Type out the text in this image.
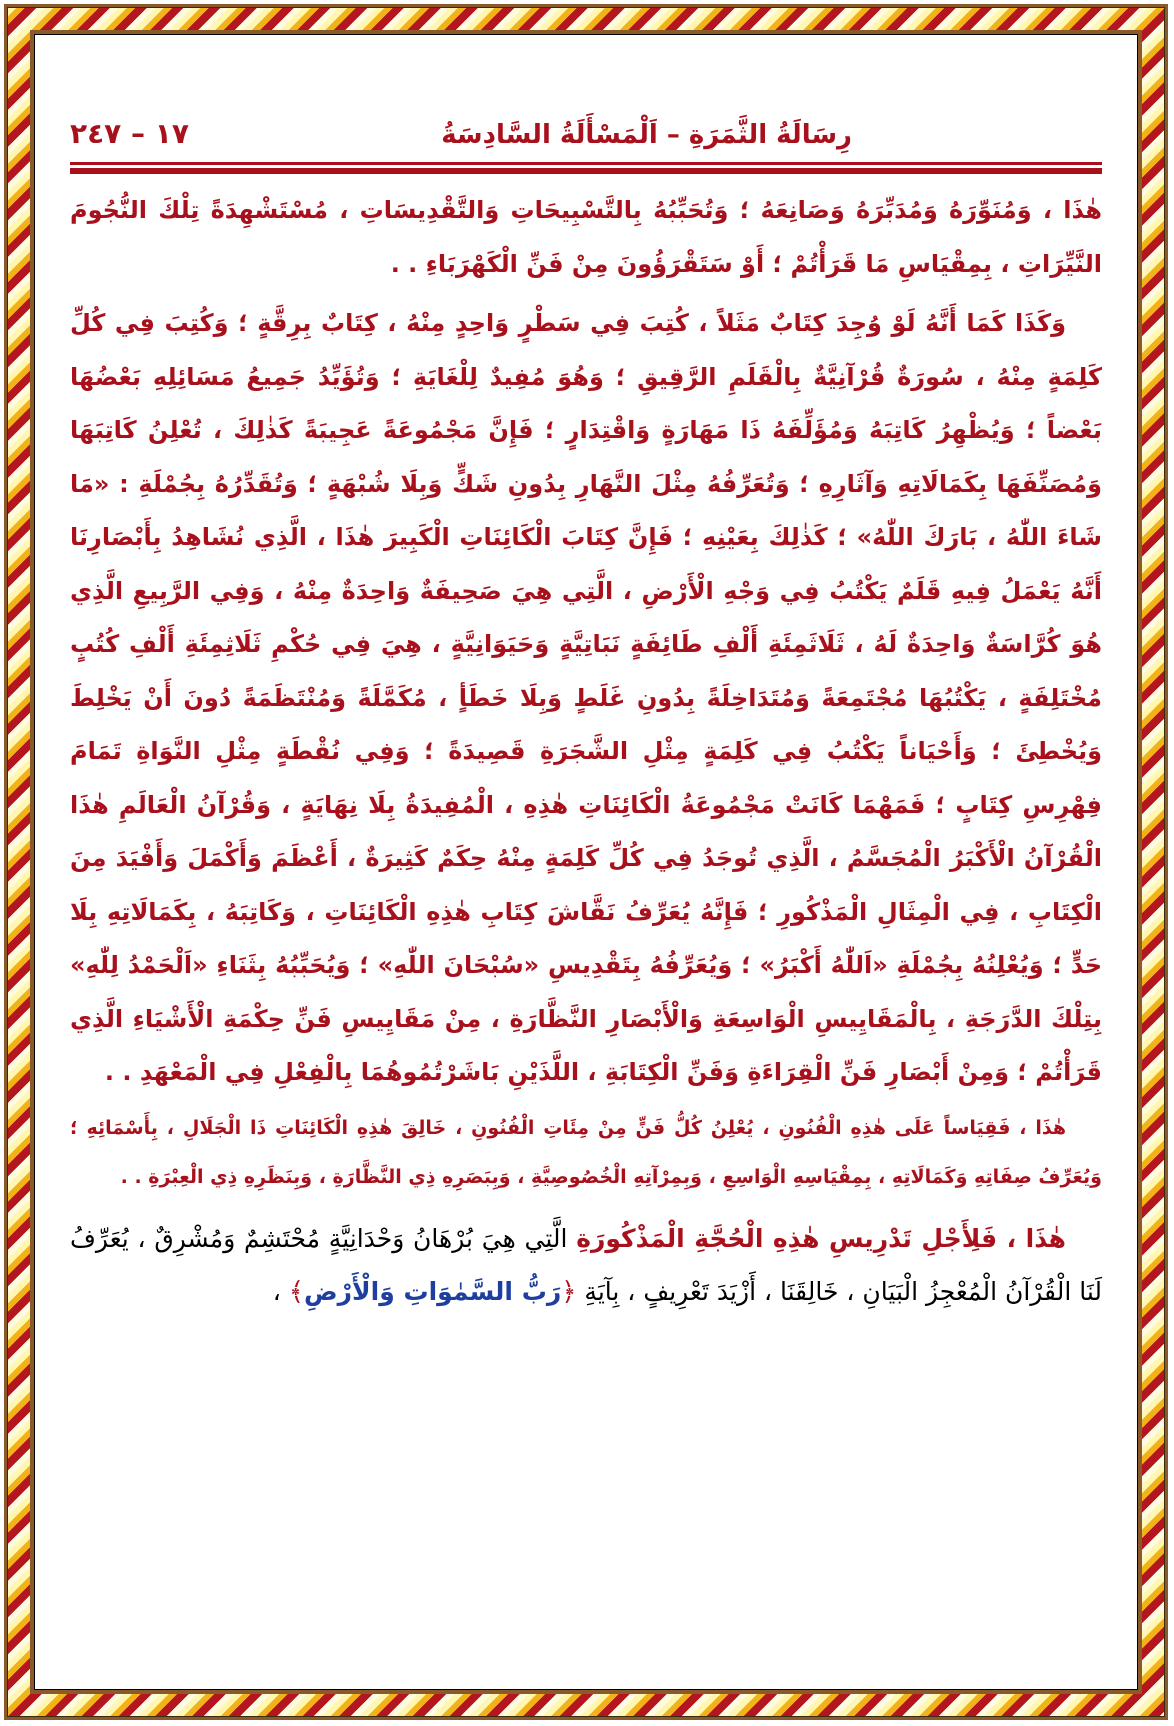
رِسَالَةُ الثَّمَرَةِ – اَلْمَسْأَلَةُ السَّادِسَةُ
١٧ – ٢٤٧

هٰذَا ، وَمُنَوِّرَهُ وَمُدَبِّرَهُ وَصَانِعَهُ ؛ وَتُحَبِّبُهُ بِالتَّسْبِيحَاتِ وَالتَّقْدِيسَاتِ ، مُسْتَشْهِدَةً تِلْكَ النُّجُومَ النَّيِّرَاتِ ، بِمِقْيَاسِ مَا قَرَأْتُمْ ؛ أَوْ سَتَقْرَؤُونَ مِنْ فَنِّ الْكَهْرَبَاءِ . .

وَكَذَا كَمَا أَنَّهُ لَوْ وُجِدَ كِتَابٌ مَثَلاً ، كُتِبَ فِي سَطْرٍ وَاحِدٍ مِنْهُ ، كِتَابٌ بِرِقَّةٍ ؛ وَكُتِبَ فِي كُلِّ كَلِمَةٍ مِنْهُ ، سُورَةٌ قُرْآنِيَّةٌ بِالْقَلَمِ الرَّقِيقِ ؛ وَهُوَ مُفِيدٌ لِلْغَايَةِ ؛ وَتُؤَيِّدُ جَمِيعُ مَسَائِلِهِ بَعْضُهَا بَعْضاً ؛ وَيُظْهِرُ كَاتِبَهُ وَمُؤَلِّفَهُ ذَا مَهَارَةٍ وَاقْتِدَارٍ ؛ فَإِنَّ مَجْمُوعَةً عَجِيبَةً كَذٰلِكَ ، تُعْلِنُ كَاتِبَهَا وَمُصَنِّفَهَا بِكَمَالَاتِهِ وَآثَارِهِ ؛ وَتُعَرِّفُهُ مِثْلَ النَّهَارِ بِدُونِ شَكٍّ وَبِلَا شُبْهَةٍ ؛ وَتُقَدِّرُهُ بِجُمْلَةِ : «مَا شَاءَ اللّٰهُ ، بَارَكَ اللّٰهُ» ؛ كَذٰلِكَ بِعَيْنِهِ ؛ فَإِنَّ كِتَابَ الْكَائِنَاتِ الْكَبِيرَ هٰذَا ، الَّذِي نُشَاهِدُ بِأَبْصَارِنَا أَنَّهُ يَعْمَلُ فِيهِ قَلَمٌ يَكْتُبُ فِي وَجْهِ الْأَرْضِ ، الَّتِي هِيَ صَحِيفَةٌ وَاحِدَةٌ مِنْهُ ، وَفِي الرَّبِيعِ الَّذِي هُوَ كُرَّاسَةٌ وَاحِدَةٌ لَهُ ، ثَلَاثَمِئَةِ أَلْفِ طَائِفَةٍ نَبَاتِيَّةٍ وَحَيَوَانِيَّةٍ ، هِيَ فِي حُكْمِ ثَلَاثِمِئَةِ أَلْفِ كُتُبٍ مُخْتَلِفَةٍ ، يَكْتُبُهَا مُجْتَمِعَةً وَمُتَدَاخِلَةً بِدُونِ غَلَطٍ وَبِلَا خَطَأٍ ، مُكَمَّلَةً وَمُنْتَظَمَةً دُونَ أَنْ يَخْلِطَ وَيُخْطِئَ ؛ وَأَحْيَاناً يَكْتُبُ فِي كَلِمَةٍ مِثْلِ الشَّجَرَةِ قَصِيدَةً ؛ وَفِي نُقْطَةٍ مِثْلِ النَّوَاةِ تَمَامَ فِهْرِسِ كِتَابٍ ؛ فَمَهْمَا كَانَتْ مَجْمُوعَةُ الْكَائِنَاتِ هٰذِهِ ، الْمُفِيدَةُ بِلَا نِهَايَةٍ ، وَقُرْآنُ الْعَالَمِ هٰذَا الْقُرْآنُ الْأَكْبَرُ الْمُجَسَّمُ ، الَّذِي تُوجَدُ فِي كُلِّ كَلِمَةٍ مِنْهُ حِكَمٌ كَثِيرَةٌ ، أَعْظَمَ وَأَكْمَلَ وَأَفْيَدَ مِنَ الْكِتَابِ ، فِي الْمِثَالِ الْمَذْكُورِ ؛ فَإِنَّهُ يُعَرِّفُ نَقَّاشَ كِتَابِ هٰذِهِ الْكَائِنَاتِ ، وَكَاتِبَهُ ، بِكَمَالَاتِهِ بِلَا حَدٍّ ؛ وَيُعْلِنُهُ بِجُمْلَةِ «اَللّٰهُ أَكْبَرُ» ؛ وَيُعَرِّفُهُ بِتَقْدِيسِ «سُبْحَانَ اللّٰهِ» ؛ وَيُحَبِّبُهُ بِثَنَاءِ «اَلْحَمْدُ لِلّٰهِ» بِتِلْكَ الدَّرَجَةِ ، بِالْمَقَايِيسِ الْوَاسِعَةِ وَالْأَبْصَارِ النَّظَّارَةِ ، مِنْ مَقَايِيسِ فَنِّ حِكْمَةِ الْأَشْيَاءِ الَّذِي قَرَأْتُمْ ؛ وَمِنْ أَبْصَارِ فَنِّ الْقِرَاءَةِ وَفَنِّ الْكِتَابَةِ ، اللَّذَيْنِ بَاشَرْتُمُوهُمَا بِالْفِعْلِ فِي الْمَعْهَدِ . .

هٰذَا ، فَقِيَاساً عَلَى هٰذِهِ الْفُنُونِ ، يُعْلِنُ كُلُّ فَنٍّ مِنْ مِئَاتِ الْفُنُونِ ، خَالِقَ هٰذِهِ الْكَائِنَاتِ ذَا الْجَلَالِ ، بِأَسْمَائِهِ ؛ وَيُعَرِّفُ صِفَاتِهِ وَكَمَالَاتِهِ ، بِمِقْيَاسِهِ الْوَاسِعِ ، وَبِمِرْآتِهِ الْخُصُوصِيَّةِ ، وَبِبَصَرِهِ ذِي النَّظَّارَةِ ، وَبِنَظَرِهِ ذِي الْعِبْرَةِ . .

هٰذَا ، فَلِأَجْلِ تَدْرِيسِ هٰذِهِ الْحُجَّةِ الْمَذْكُورَةِ الَّتِي هِيَ بُرْهَانُ وَحْدَانِيَّةٍ مُحْتَشِمٌ وَمُشْرِقٌ ، يُعَرِّفُ لَنَا الْقُرْآنُ الْمُعْجِزُ الْبَيَانِ ، خَالِقَنَا ، أَزْيَدَ تَعْرِيفٍ ، بِآيَةِ ﴿رَبُّ السَّمٰوَاتِ وَالْأَرْضِ﴾ ،
